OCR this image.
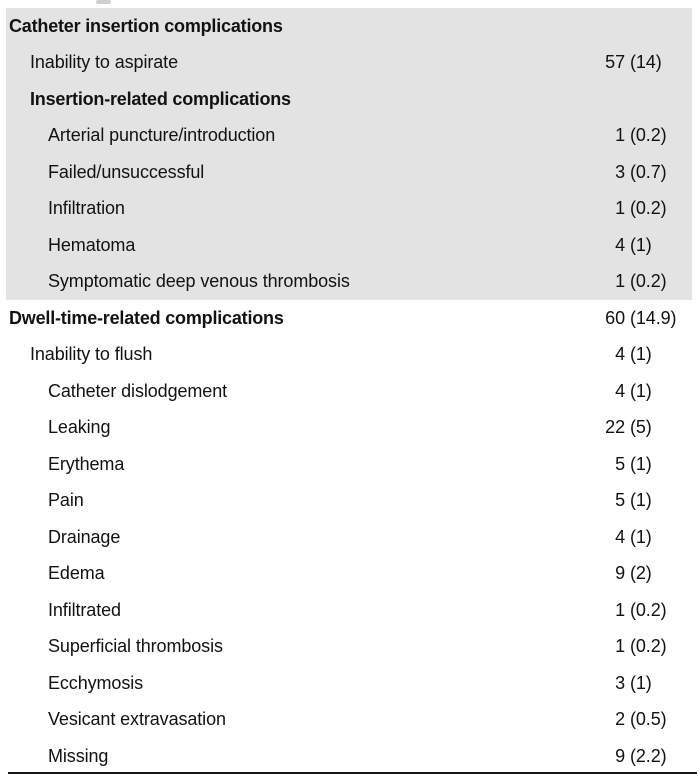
Catheter insertion complications
Inability to aspirate	57 (14)
Insertion-related complications
Arterial puncture/introduction	1 (0.2)
Failed/unsuccessful	3 (0.7)
Infiltration	1 (0.2)
Hematoma	4 (1)
Symptomatic deep venous thrombosis	1 (0.2)
Dwell-time-related complications	60 (14.9)
Inability to flush	4 (1)
Catheter dislodgement	4 (1)
Leaking	22 (5)
Erythema	5 (1)
Pain	5 (1)
Drainage	4 (1)
Edema	9 (2)
Infiltrated	1 (0.2)
Superficial thrombosis	1 (0.2)
Ecchymosis	3 (1)
Vesicant extravasation	2 (0.5)
Missing	9 (2.2)
